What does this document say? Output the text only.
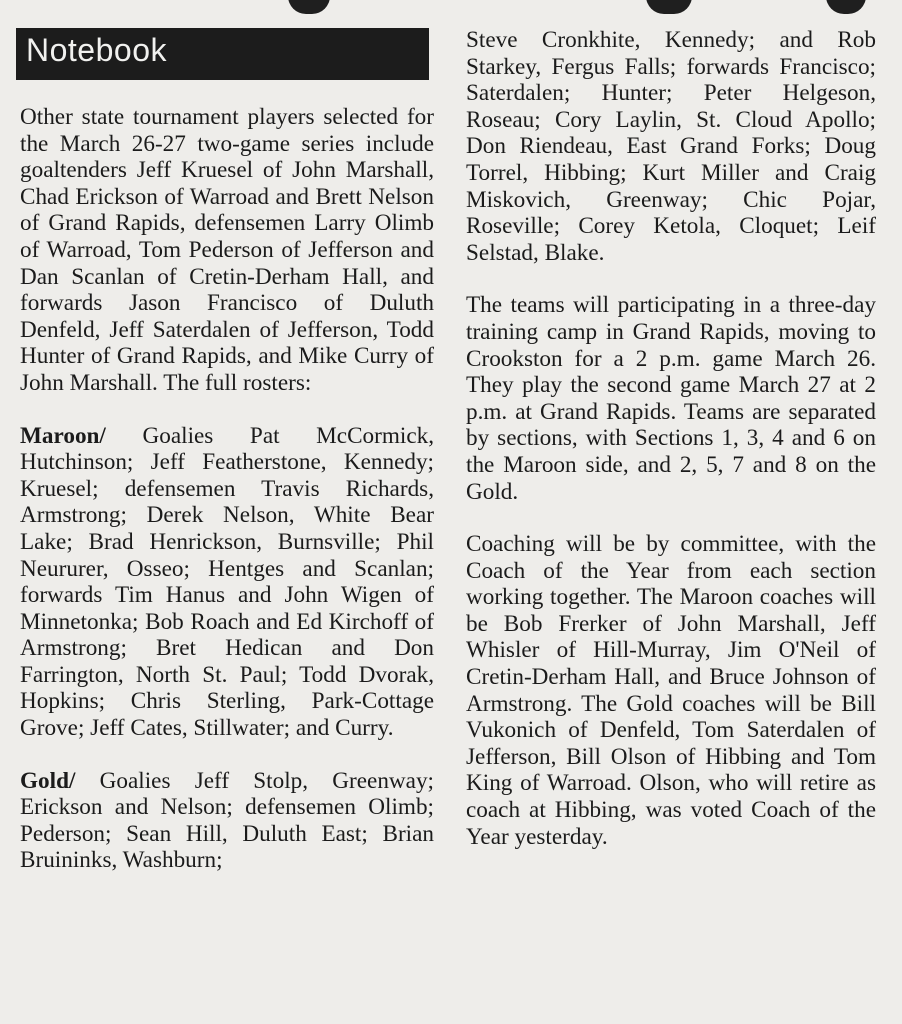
Notebook

Other state tournament players selected for the March 26-27 two-game series include goaltenders Jeff Kruesel of John Marshall, Chad Erickson of Warroad and Brett Nelson of Grand Rapids, defensemen Larry Olimb of Warroad, Tom Pederson of Jefferson and Dan Scanlan of Cretin-Derham Hall, and forwards Jason Francisco of Duluth Denfeld, Jeff Saterdalen of Jefferson, Todd Hunter of Grand Rapids, and Mike Curry of John Marshall. The full rosters:

Maroon/ Goalies Pat McCormick, Hutchinson; Jeff Featherstone, Kennedy; Kruesel; defensemen Travis Richards, Armstrong; Derek Nelson, White Bear Lake; Brad Henrickson, Burnsville; Phil Neururer, Osseo; Hentges and Scanlan; forwards Tim Hanus and John Wigen of Minnetonka; Bob Roach and Ed Kirchoff of Armstrong; Bret Hedican and Don Farrington, North St. Paul; Todd Dvorak, Hopkins; Chris Sterling, Park-Cottage Grove; Jeff Cates, Stillwater; and Curry.

Gold/ Goalies Jeff Stolp, Greenway; Erickson and Nelson; defensemen Olimb; Pederson; Sean Hill, Duluth East; Brian Bruininks, Washburn;

Steve Cronkhite, Kennedy; and Rob Starkey, Fergus Falls; forwards Francisco; Saterdalen; Hunter; Peter Helgeson, Roseau; Cory Laylin, St. Cloud Apollo; Don Riendeau, East Grand Forks; Doug Torrel, Hibbing; Kurt Miller and Craig Miskovich, Greenway; Chic Pojar, Roseville; Corey Ketola, Cloquet; Leif Selstad, Blake.

The teams will participating in a three-day training camp in Grand Rapids, moving to Crookston for a 2 p.m. game March 26. They play the second game March 27 at 2 p.m. at Grand Rapids. Teams are separated by sections, with Sections 1, 3, 4 and 6 on the Maroon side, and 2, 5, 7 and 8 on the Gold.

Coaching will be by committee, with the Coach of the Year from each section working together. The Maroon coaches will be Bob Frerker of John Marshall, Jeff Whisler of Hill-Murray, Jim O'Neil of Cretin-Derham Hall, and Bruce Johnson of Armstrong. The Gold coaches will be Bill Vukonich of Denfeld, Tom Saterdalen of Jefferson, Bill Olson of Hibbing and Tom King of Warroad. Olson, who will retire as coach at Hibbing, was voted Coach of the Year yesterday.
